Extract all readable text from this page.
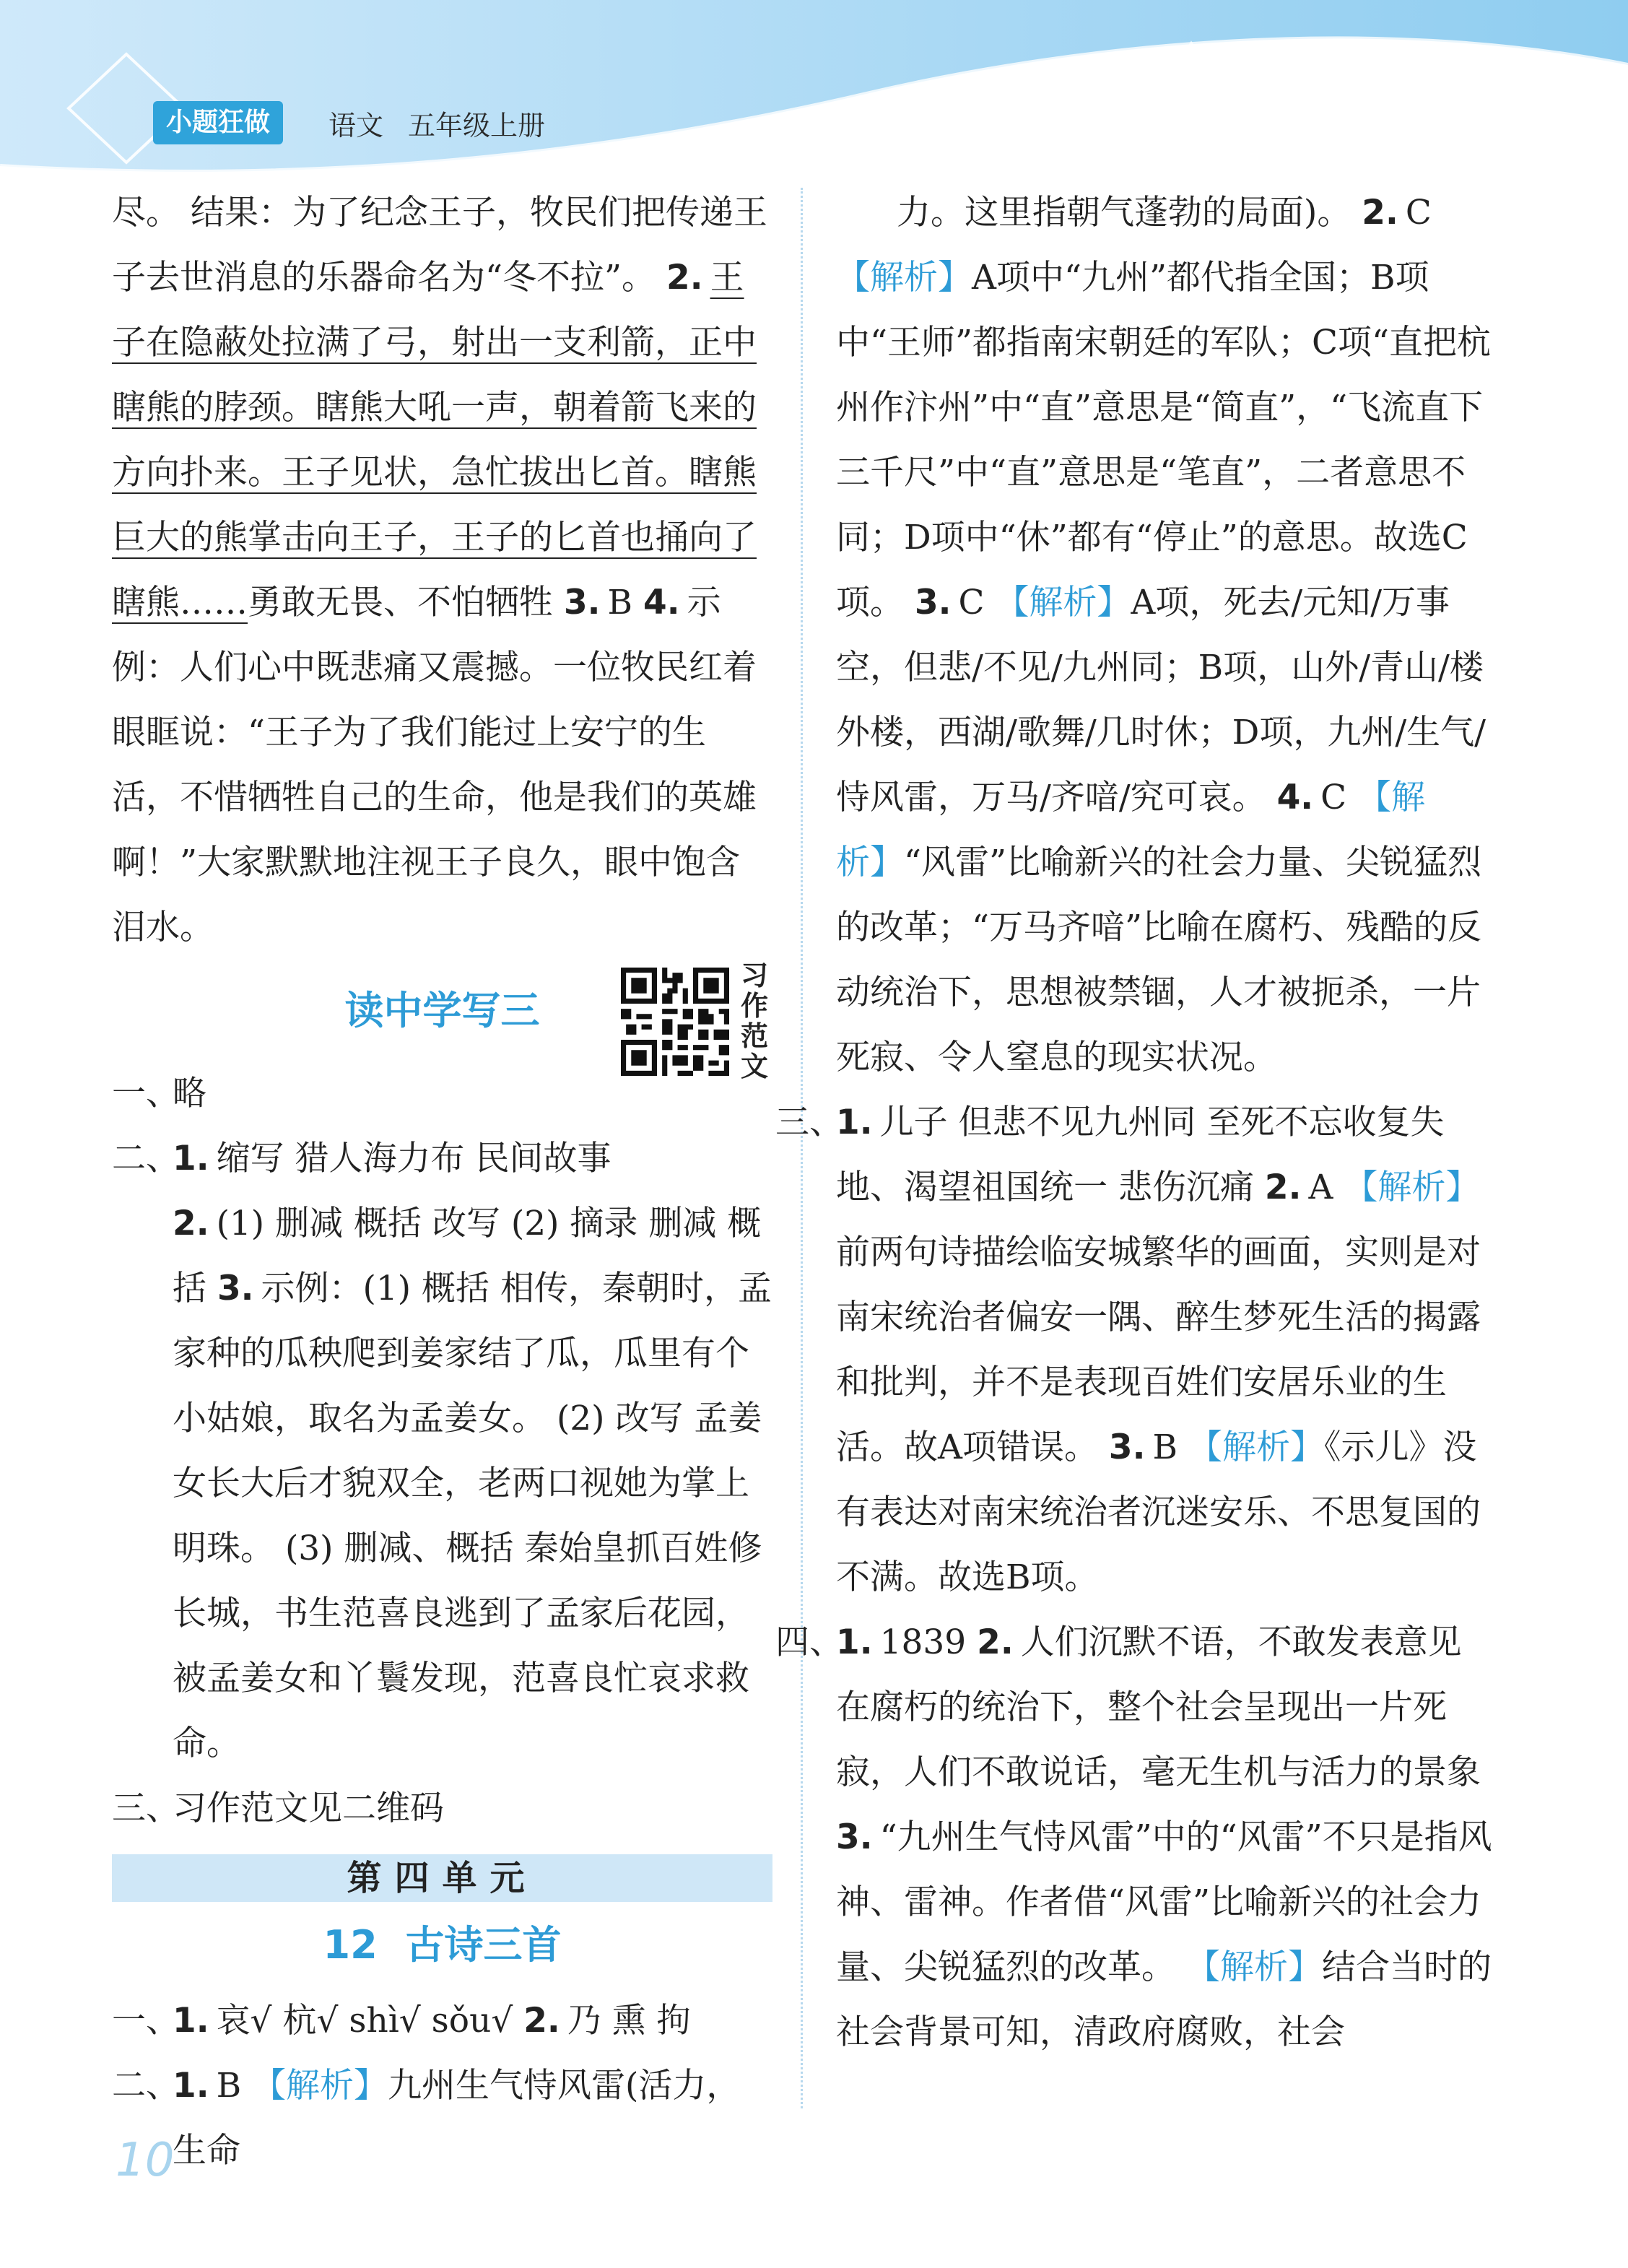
小题狂做	语文 五年级上册

尽。 结果：为了纪念王子，牧民们把传递王子去世消息的乐器命名为“冬不拉”。 2. 王子在隐蔽处拉满了弓，射出一支利箭，正中瞎熊的脖颈。瞎熊大吼一声，朝着箭飞来的方向扑来。王子见状，急忙拔出匕首。瞎熊巨大的熊掌击向王子，王子的匕首也捅向了瞎熊……勇敢无畏、不怕牺牲 3. B 4. 示例：人们心中既悲痛又震撼。一位牧民红着眼眶说：“王子为了我们能过上安宁的生活，不惜牺牲自己的生命，他是我们的英雄啊！”大家默默地注视王子良久，眼中饱含泪水。

读中学写三
习作范文

一、略

二、1. 缩写 猎人海力布 民间故事

2. (1) 删减 概括 改写 (2) 摘录 删减 概括 3. 示例：(1) 概括 相传，秦朝时，孟家种的瓜秧爬到姜家结了瓜，瓜里有个小姑娘，取名为孟姜女。 (2) 改写 孟姜女长大后才貌双全，老两口视她为掌上明珠。 (3) 删减、概括 秦始皇抓百姓修长城，书生范喜良逃到了孟家后花园，被孟姜女和丫鬟发现，范喜良忙哀求救命。

三、习作范文见二维码

第四单元
12 古诗三首

一、1. 哀√ 杭√ shì√ sǒu√ 2. 乃 熏 拘

二、1. B 【解析】九州生气恃风雷(活力，生命

力。这里指朝气蓬勃的局面)。 2. C 【解析】A项中“九州”都代指全国；B项中“王师”都指南宋朝廷的军队；C项“直把杭州作汴州”中“直”意思是“简直”，“飞流直下三千尺”中“直”意思是“笔直”，二者意思不同；D项中“休”都有“停止”的意思。故选C项。 3. C 【解析】A项，死去/元知/万事空，但悲/不见/九州同；B项，山外/青山/楼外楼，西湖/歌舞/几时休；D项，九州/生气/恃风雷，万马/齐喑/究可哀。 4. C 【解析】“风雷”比喻新兴的社会力量、尖锐猛烈的改革；“万马齐喑”比喻在腐朽、残酷的反动统治下，思想被禁锢，人才被扼杀，一片死寂、令人窒息的现实状况。

三、1. 儿子 但悲不见九州同 至死不忘收复失地、渴望祖国统一 悲伤沉痛 2. A 【解析】前两句诗描绘临安城繁华的画面，实则是对南宋统治者偏安一隅、醉生梦死生活的揭露和批判，并不是表现百姓们安居乐业的生活。故A项错误。 3. B 【解析】《示儿》没有表达对南宋统治者沉迷安乐、不思复国的不满。故选B项。

四、1. 1839 2. 人们沉默不语，不敢发表意见 在腐朽的统治下，整个社会呈现出一片死寂，人们不敢说话，毫无生机与活力的景象 3. “九州生气恃风雷”中的“风雷”不只是指风神、雷神。作者借“风雷”比喻新兴的社会力量、尖锐猛烈的改革。 【解析】结合当时的社会背景可知，清政府腐败，社会

10
